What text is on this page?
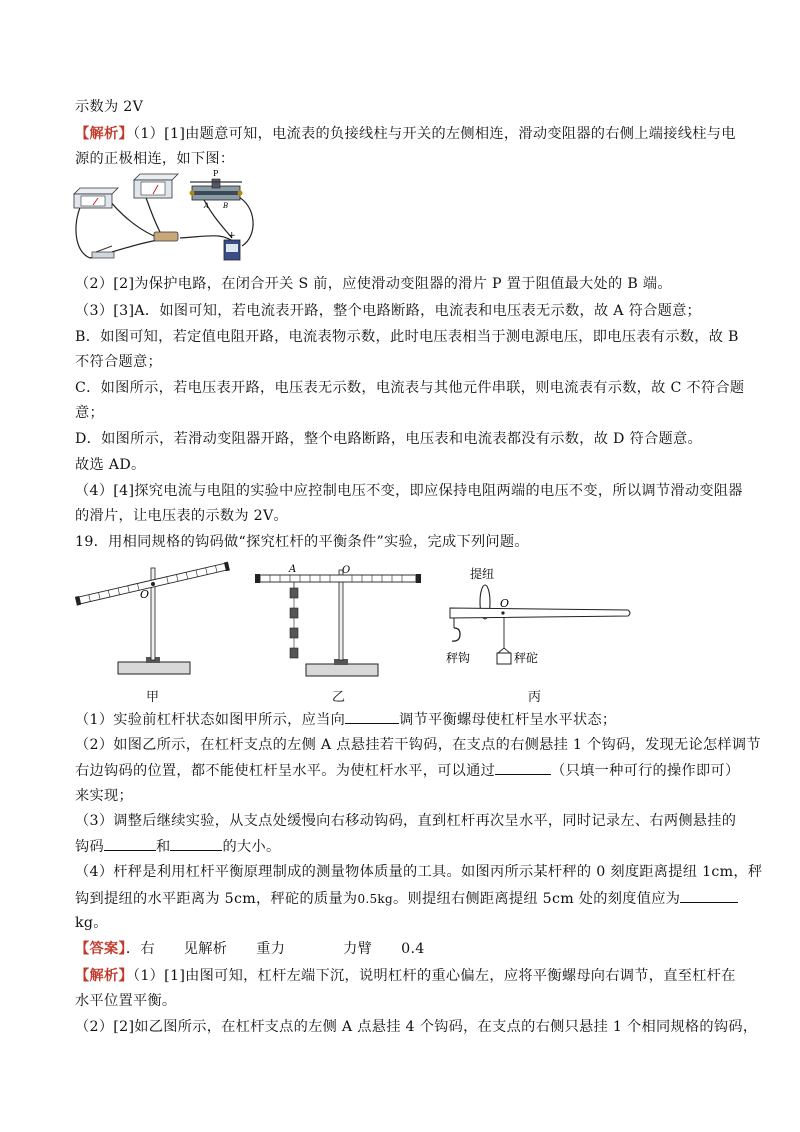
示数为 2V
【解析】（1）[1]由题意可知，电流表的负接线柱与开关的左侧相连，滑动变阻器的右侧上端接线柱与电
源的正极相连，如下图：
P
A B
+
（2）[2]为保护电路，在闭合开关 S 前，应使滑动变阻器的滑片 P 置于阻值最大处的 B 端。
（3）[3]A．如图可知，若电流表开路，整个电路断路，电流表和电压表无示数，故 A 符合题意；
B．如图可知，若定值电阻开路，电流表物示数，此时电压表相当于测电源电压，即电压表有示数，故 B
不符合题意；
C．如图所示，若电压表开路，电压表无示数，电流表与其他元件串联，则电流表有示数，故 C 不符合题
意；
D．如图所示，若滑动变阻器开路，整个电路断路，电压表和电流表都没有示数，故 D 符合题意。
故选 AD。
（4）[4]探究电流与电阻的实验中应控制电压不变，即应保持电阻两端的电压不变，所以调节滑动变阻器
的滑片，让电压表的示数为 2V。
19．用相同规格的钩码做“探究杠杆的平衡条件”实验，完成下列问题。
O
甲
A	O
乙
提纽
O
秤钩	秤砣
丙
（1）实验前杠杆状态如图甲所示，应当向	调节平衡螺母使杠杆呈水平状态；
（2）如图乙所示，在杠杆支点的左侧 A 点悬挂若干钩码，在支点的右侧悬挂 1 个钩码，发现无论怎样调节
右边钩码的位置，都不能使杠杆呈水平。为使杠杆水平，可以通过	（只填一种可行的操作即可）
来实现；
（3）调整后继续实验，从支点处缓慢向右移动钩码，直到杠杆再次呈水平，同时记录左、右两侧悬挂的
钩码	和	的大小。
（4）杆秤是利用杠杆平衡原理制成的测量物体质量的工具。如图丙所示某杆秤的 0 刻度距离提纽 1cm，秤
钩到提纽的水平距离为 5cm，秤砣的质量为0.5kg。则提纽右侧距离提纽 5cm 处的刻度值应为
kg。
【答案】．右　　见解析　　重力　　　　力臂　　0.4
【解析】（1）[1]由图可知，杠杆左端下沉，说明杠杆的重心偏左，应将平衡螺母向右调节，直至杠杆在
水平位置平衡。
（2）[2]如乙图所示，在杠杆支点的左侧 A 点悬挂 4 个钩码，在支点的右侧只悬挂 1 个相同规格的钩码，
